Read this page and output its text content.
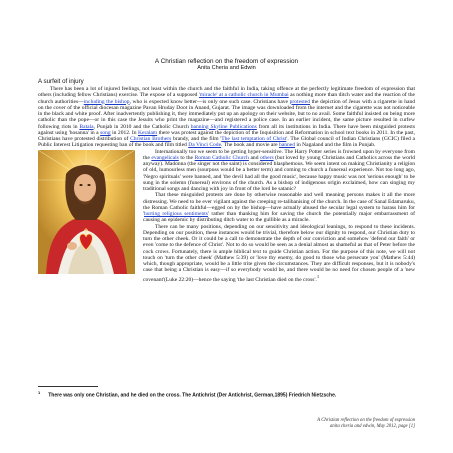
A Christian reflection on the freedom of expression
Anita Cheria and Edwin
A surfeit of injury

There has been a lot of injured feelings, not least within the church and the faithful in India, taking offence at the perfectly legitimate freedom of expression that others (including fellow Christians) exercise. The expose of a supposed 'miracle' at a catholic church in Mumbai as nothing more than ditch water and the reaction of the church authorities—including the bishop, who is expected know better—is only one such case. Christians have protested the depiction of Jesus with a cigarette in hand on the cover of the official diocesan magazine Pavan Hruday Doot in Anand, Gujarat. The image was downloaded from the internet and the cigarette was not noticeable in the black and white proof. After inadvertently publishing it, they immediately put up an apology on their website, but to no avail. Some faithful insisted on being more catholic than the pope—or in this case the Jesuits who print the magazine—and registered a police case. In an earlier incident, the same picture resulted in curfew following riots in Batala, Punjab in 2010 and the Catholic Church banning Skyline Publications from all its institutions in India. There have been misguided protests against using 'hosanna' in a song in 2012. In Keralam there was protest against the depiction of the Inquisition and Reformation in school text books in 2011. In the past, Christians have protested distribution of Christian Brothers brandy, and the film 'The last temptation of Christ'. The Global council of Indian Christians (GCIC) filed a Public Interest Litigation requesting ban of the book and film titled Da Vinci Code. The book and movie are banned in Nagaland and the film in Punjab.

Internationally too we seem to be getting hyper-sensitive. The Harry Potter series is frowned upon by everyone from the evangelicals to the Roman Catholic Church and others (but loved by young Christians and Catholics across the world anyway). Madonna (the singer not the saint) is considered blasphemous. We seem intent on making Christianity a religion of old, humourless men (sourpuss would be a better term) and coming to church a funereal experience. Not too long ago, 'Negro spirituals' were banned, and 'the devil had all the good music', because happy music was not 'serious enough' to be sung in the solemn (funereal) environs of the church. As a bishop of indigenous origin exclaimed, how can singing my traditional songs and dancing with joy in front of the lord be satanic?

That these misguided protests are done by otherwise reasonable and well meaning persons makes it all the more distressing. We need to be ever vigilant against the creeping re-talibanising of the church. In the case of Sanal Edamaruku, the Roman Catholic faithful—egged on by the bishop—have actually abused the secular legal system to harass him for 'hurting religious sentiments' rather than thanking him for saving the church the potentially major embarrassment of causing an epidemic by distributing ditch water to the gullible as a miracle.

There can be many positions, depending on our sensitivity and ideological leanings, to respond to these incidents. Depending on our position, these instances would be trivial, therefore below our dignity to respond, our Christian duty to turn the other cheek. Or it could be a call to demonstrate the depth of our conviction and somehow 'defend our faith' or even 'come to the defence of Christ'. Not to do so would be seen as a denial almost as shameful as that of Peter before the cock crows. Fortunately, there is ample biblical text to guide Christian action. For the purpose of this note, we will not touch on 'turn the other cheek' (Mathew 5:39) or 'love thy enemy, do good to those who persecute you' (Mathew 5:44) which, though appropriate, would be a little trite given the circumstances. They are difficult responses, but it is nobody's case that being a Christian is easy—if so everybody would be, and there would be no need for chosen people of a 'new covenant'(Luke 22:20)—hence the saying 'the last Christian died on the cross'.$^1$

$^1$There was only one Christian, and he died on the cross. The Antichrist (Der Antichrist, German,1895) Friedrich Nietzsche.
A Christian reflection on the freedom of expression
anita cheria and edwin, May 2012, page [1]
